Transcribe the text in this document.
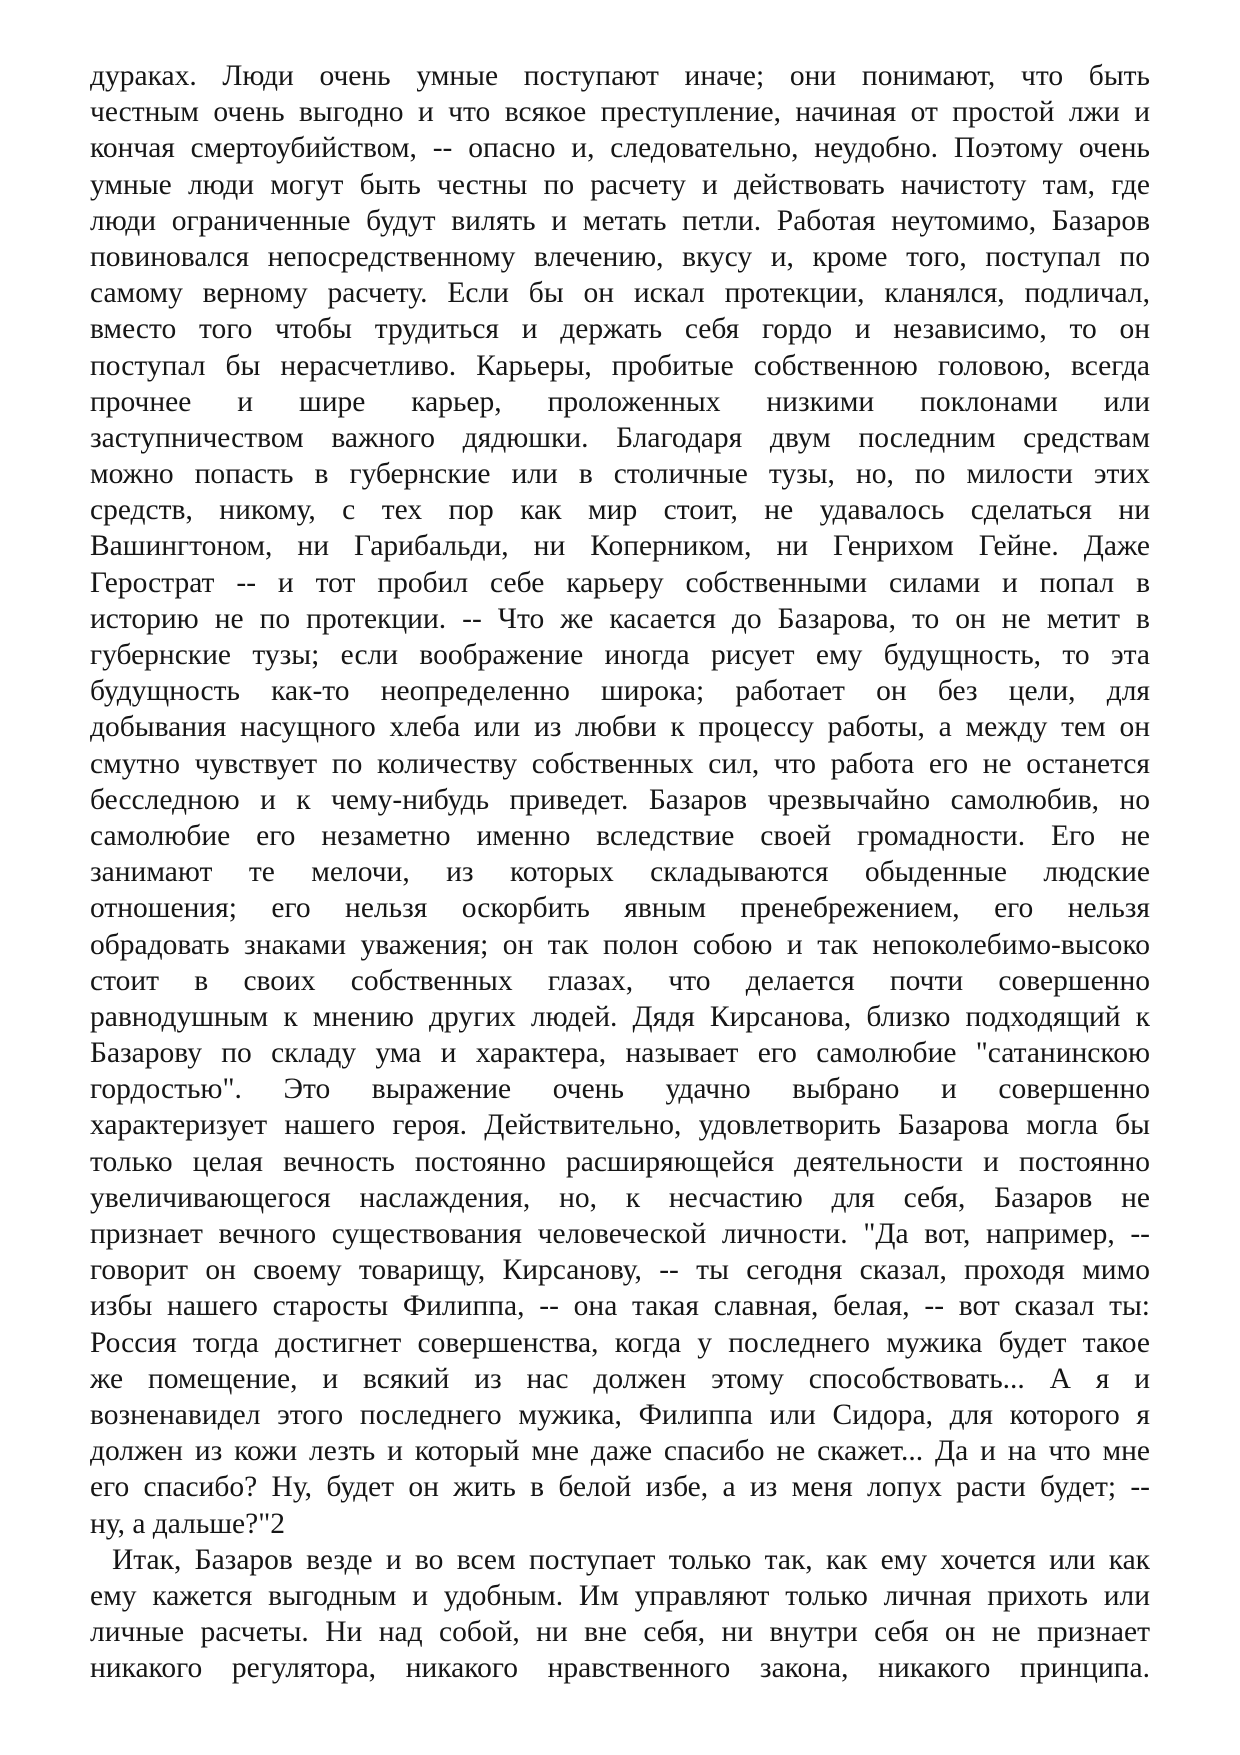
дураках. Люди очень умные поступают иначе; они понимают, что быть
честным очень выгодно и что всякое преступление, начиная от простой лжи и
кончая смертоубийством, -- опасно и, следовательно, неудобно. Поэтому очень
умные люди могут быть честны по расчету и действовать начистоту там, где
люди ограниченные будут вилять и метать петли. Работая неутомимо, Базаров
повиновался непосредственному влечению, вкусу и, кроме того, поступал по
самому верному расчету. Если бы он искал протекции, кланялся, подличал,
вместо того чтобы трудиться и держать себя гордо и независимо, то он
поступал бы нерасчетливо. Карьеры, пробитые собственною головою, всегда
прочнее и шире карьер, проложенных низкими поклонами или
заступничеством важного дядюшки. Благодаря двум последним средствам
можно попасть в губернские или в столичные тузы, но, по милости этих
средств, никому, с тех пор как мир стоит, не удавалось сделаться ни
Вашингтоном, ни Гарибальди, ни Коперником, ни Генрихом Гейне. Даже
Герострат -- и тот пробил себе карьеру собственными силами и попал в
историю не по протекции. -- Что же касается до Базарова, то он не метит в
губернские тузы; если воображение иногда рисует ему будущность, то эта
будущность как-то неопределенно широка; работает он без цели, для
добывания насущного хлеба или из любви к процессу работы, а между тем он
смутно чувствует по количеству собственных сил, что работа его не останется
бесследною и к чему-нибудь приведет. Базаров чрезвычайно самолюбив, но
самолюбие его незаметно именно вследствие своей громадности. Его не
занимают те мелочи, из которых складываются обыденные людские
отношения; его нельзя оскорбить явным пренебрежением, его нельзя
обрадовать знаками уважения; он так полон собою и так непоколебимо-высоко
стоит в своих собственных глазах, что делается почти совершенно
равнодушным к мнению других людей. Дядя Кирсанова, близко подходящий к
Базарову по складу ума и характера, называет его самолюбие "сатанинскою
гордостью". Это выражение очень удачно выбрано и совершенно
характеризует нашего героя. Действительно, удовлетворить Базарова могла бы
только целая вечность постоянно расширяющейся деятельности и постоянно
увеличивающегося наслаждения, но, к несчастию для себя, Базаров не
признает вечного существования человеческой личности. "Да вот, например, --
говорит он своему товарищу, Кирсанову, -- ты сегодня сказал, проходя мимо
избы нашего старосты Филиппа, -- она такая славная, белая, -- вот сказал ты:
Россия тогда достигнет совершенства, когда у последнего мужика будет такое
же помещение, и всякий из нас должен этому способствовать... А я и
возненавидел этого последнего мужика, Филиппа или Сидора, для которого я
должен из кожи лезть и который мне даже спасибо не скажет... Да и на что мне
его спасибо? Ну, будет он жить в белой избе, а из меня лопух расти будет; --
ну, а дальше?"2
Итак, Базаров везде и во всем поступает только так, как ему хочется или как
ему кажется выгодным и удобным. Им управляют только личная прихоть или
личные расчеты. Ни над собой, ни вне себя, ни внутри себя он не признает
никакого регулятора, никакого нравственного закона, никакого принципа.
